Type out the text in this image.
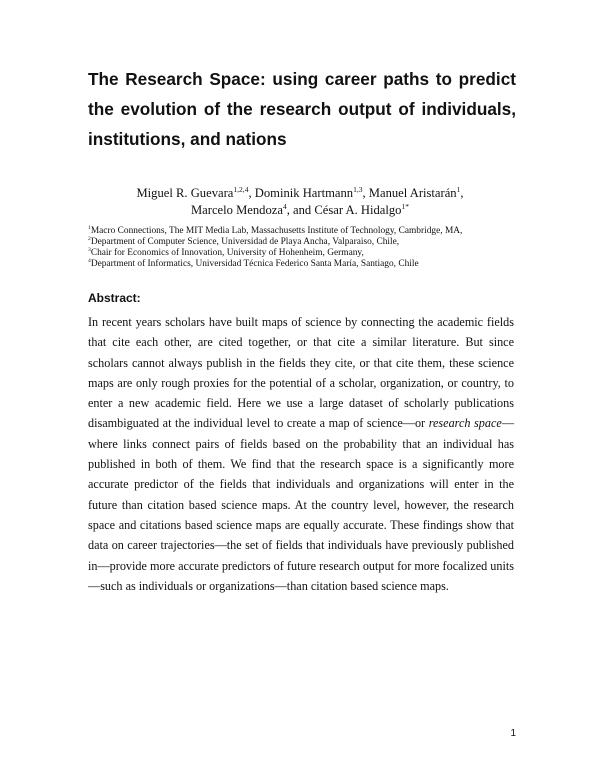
The Research Space: using career paths to predict the evolution of the research output of individuals, institutions, and nations
Miguel R. Guevara$^{1,2,4}$, Dominik Hartmann$^{1,3}$, Manuel Aristarán$^1$,
Marcelo Mendoza$^4$, and César A. Hidalgo$^{1*}$
$^1$Macro Connections, The MIT Media Lab, Massachusetts Institute of Technology, Cambridge, MA,
$^2$Department of Computer Science, Universidad de Playa Ancha, Valparaiso, Chile,
$^3$Chair for Economics of Innovation, University of Hohenheim, Germany,
$^4$Department of Informatics, Universidad Técnica Federico Santa María, Santiago, Chile
Abstract:

In recent years scholars have built maps of science by connecting the academic fields that cite each other, are cited together, or that cite a similar literature. But since scholars cannot always publish in the fields they cite, or that cite them, these science maps are only rough proxies for the potential of a scholar, organization, or country, to enter a new academic field. Here we use a large dataset of scholarly publications disambiguated at the individual level to create a map of science—or research space—where links connect pairs of fields based on the probability that an individual has published in both of them. We find that the research space is a significantly more accurate predictor of the fields that individuals and organizations will enter in the future than citation based science maps. At the country level, however, the research space and citations based science maps are equally accurate. These findings show that data on career trajectories—the set of fields that individuals have previously published in—provide more accurate predictors of future research output for more focalized units—such as individuals or organizations—than citation based science maps.

1
